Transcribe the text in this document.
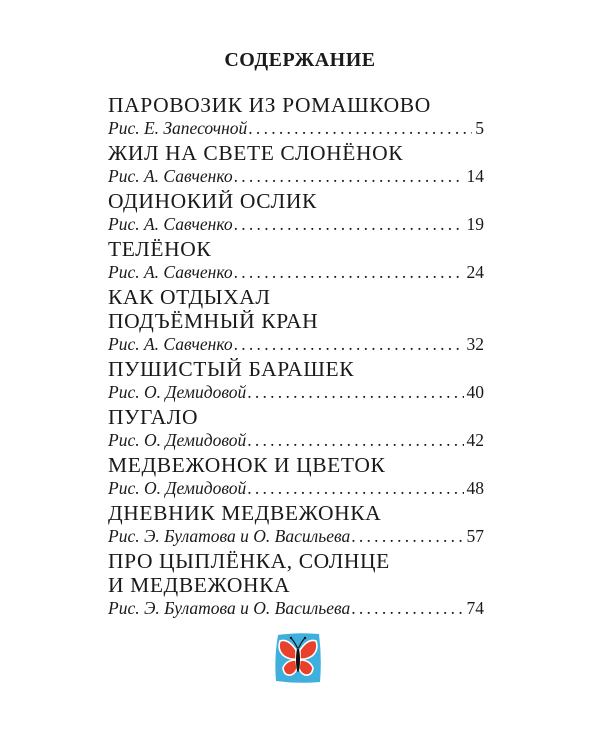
СОДЕРЖАНИЕ
ПАРОВОЗИК ИЗ РОМАШКОВО
Рис. Е. Запесочной . . .	5
ЖИЛ НА СВЕТЕ СЛОНЁНОК
Рис. А. Савченко . . .	14
ОДИНОКИЙ ОСЛИК
Рис. А. Савченко . . .	19
ТЕЛЁНОК
Рис. А. Савченко . . .	24
КАК ОТДЫХАЛ
ПОДЪЁМНЫЙ КРАН
Рис. А. Савченко . . .	32
ПУШИСТЫЙ БАРАШЕК
Рис. О. Демидовой . . .	40
ПУГАЛО
Рис. О. Демидовой . . .	42
МЕДВЕЖОНОК И ЦВЕТОК
Рис. О. Демидовой . . .	48
ДНЕВНИК МЕДВЕЖОНКА
Рис. Э. Булатова и О. Васильева . . .	57
ПРО ЦЫПЛЁНКА, СОЛНЦЕ
И МЕДВЕЖОНКА
Рис. Э. Булатова и О. Васильева . . .	74
